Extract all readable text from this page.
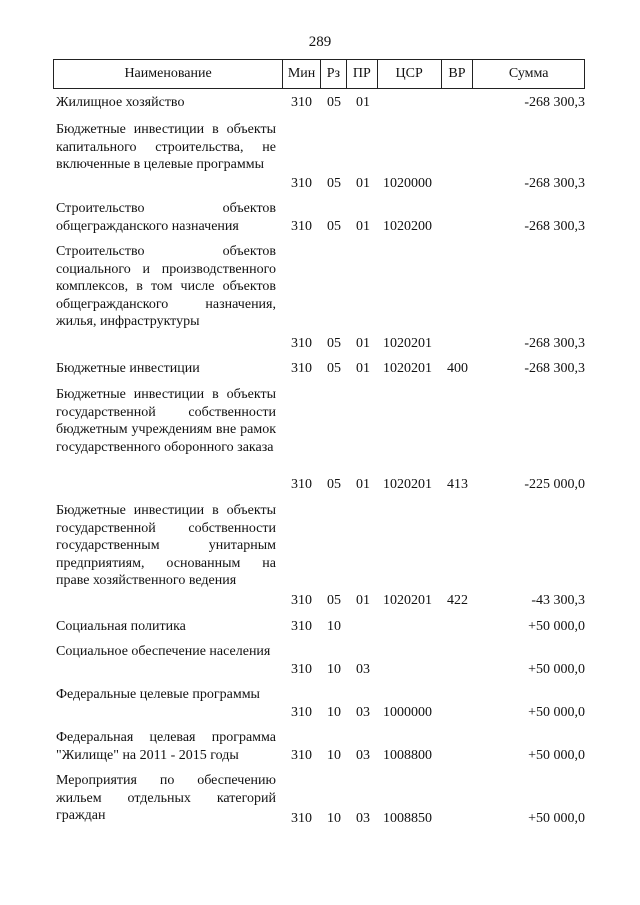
289
Наименование	Мин Рз ПР	ЦСР	ВР	Сумма
Жилищное хозяйство	310 05 01	-268 300,3
Бюджетные инвестиции в объекты капитального строительства, не включенные в целевые программы
310 05 01 1020000	-268 300,3
Строительство объектов общегражданского назначения	310 05 01 1020200	-268 300,3
Строительство объектов социального и производственного комплексов, в том числе объектов общегражданского назначения, жилья, инфраструктуры
310 05 01 1020201	-268 300,3
Бюджетные инвестиции	310 05 01 1020201 400	-268 300,3
Бюджетные инвестиции в объекты государственной собственности бюджетным учреждениям вне рамок государственного оборонного заказа
310 05 01 1020201 413	-225 000,0
Бюджетные инвестиции в объекты государственной собственности государственным унитарным предприятиям, основанным на праве хозяйственного ведения
310 05 01 1020201 422	-43 300,3
Социальная политика	310 10	+50 000,0
Социальное обеспечение населения
310 10 03	+50 000,0
Федеральные целевые программы
310 10 03 1000000	+50 000,0
Федеральная целевая программа "Жилище" на 2011 - 2015 годы	310 10 03 1008800	+50 000,0
Мероприятия по обеспечению жильем отдельных категорий граждан	310 10 03 1008850	+50 000,0
